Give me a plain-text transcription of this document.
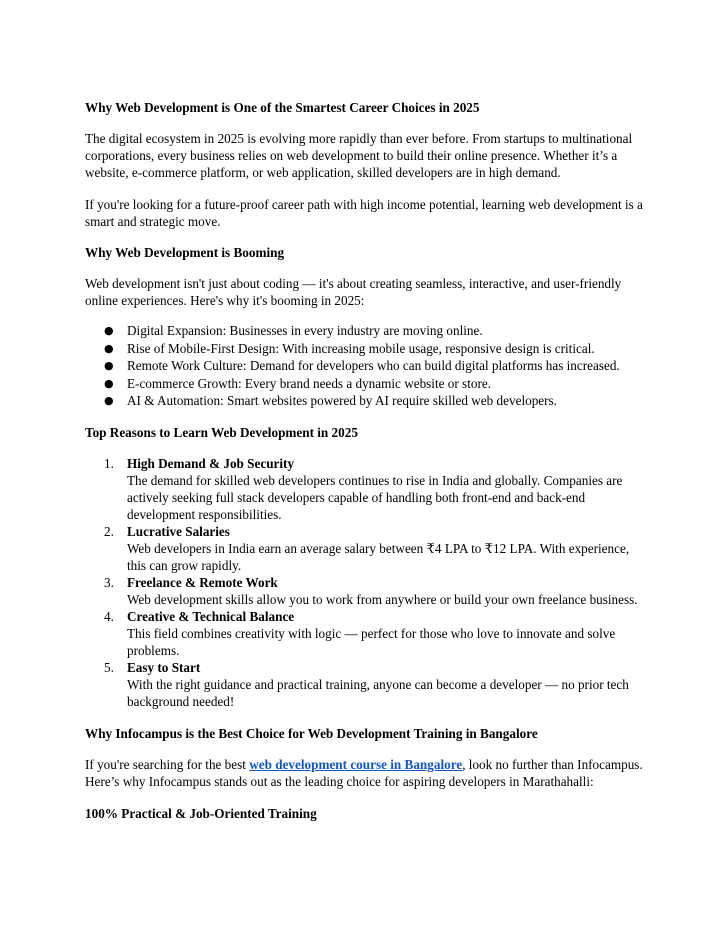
Why Web Development is One of the Smartest Career Choices in 2025

The digital ecosystem in 2025 is evolving more rapidly than ever before. From startups to multinational corporations, every business relies on web development to build their online presence. Whether it’s a website, e-commerce platform, or web application, skilled developers are in high demand.

If you're looking for a future-proof career path with high income potential, learning web development is a smart and strategic move.

Why Web Development is Booming

Web development isn't just about coding — it's about creating seamless, interactive, and user-friendly online experiences. Here's why it's booming in 2025:

● Digital Expansion: Businesses in every industry are moving online.
● Rise of Mobile-First Design: With increasing mobile usage, responsive design is critical.
● Remote Work Culture: Demand for developers who can build digital platforms has increased.
● E-commerce Growth: Every brand needs a dynamic website or store.
● AI & Automation: Smart websites powered by AI require skilled web developers.
Top Reasons to Learn Web Development in 2025
1. High Demand & Job Security
The demand for skilled web developers continues to rise in India and globally. Companies are actively seeking full stack developers capable of handling both front-end and back-end development responsibilities.
2. Lucrative Salaries
Web developers in India earn an average salary between ₹4 LPA to ₹12 LPA. With experience, this can grow rapidly.
3. Freelance & Remote Work
Web development skills allow you to work from anywhere or build your own freelance business.
4. Creative & Technical Balance
This field combines creativity with logic — perfect for those who love to innovate and solve problems.
5. Easy to Start
With the right guidance and practical training, anyone can become a developer — no prior tech background needed!
Why Infocampus is the Best Choice for Web Development Training in Bangalore

If you're searching for the best web development course in Bangalore, look no further than Infocampus. Here’s why Infocampus stands out as the leading choice for aspiring developers in Marathahalli:

100% Practical & Job-Oriented Training
